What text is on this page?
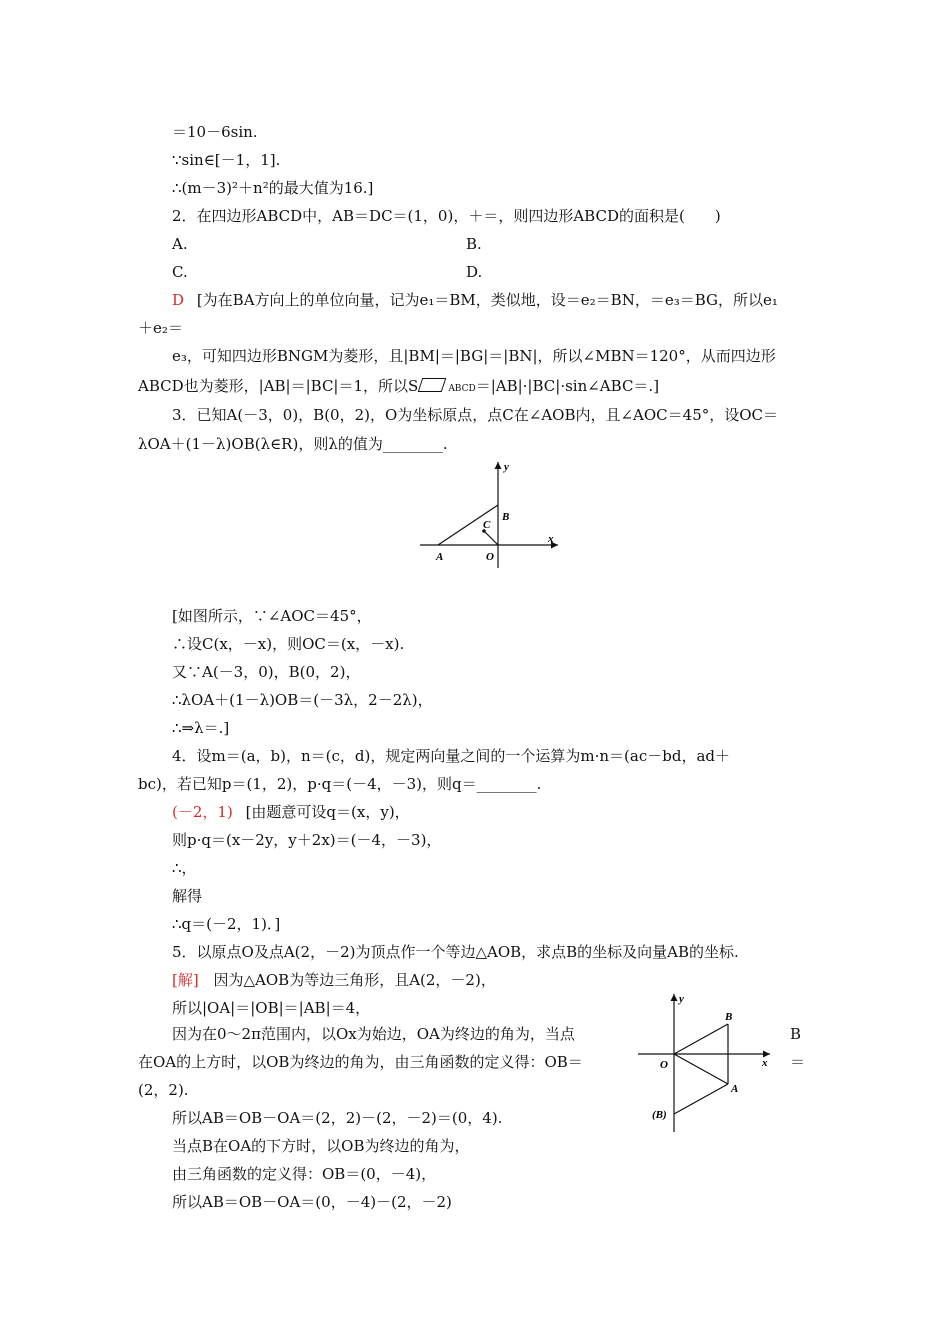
＝10－6sin.
∵sin∈[－1，1].
∴(m－3)²＋n²的最大值为16.]
2．在四边形ABCD中，AB＝DC＝(1，0)，＋＝，则四边形ABCD的面积是(　　)
A.	B.
C.	D.
D [为在BA方向上的单位向量，记为e₁＝BM，类似地，设＝e₂＝BN，＝e₃＝BG，所以e₁
＋e₂＝
e₃，可知四边形BNGM为菱形，且|BM|＝|BG|＝|BN|，所以∠MBN＝120°，从而四边形
ABCD也为菱形，|AB|＝|BC|＝1，所以S	ABCD＝|AB|·|BC|·sin∠ABC＝.]
3．已知A(－3，0)，B(0，2)，O为坐标原点，点C在∠AOB内，且∠AOC＝45°，设OC＝
λOA＋(1－λ)OB(λ∈R)，则λ的值为________.
y
B
C
O
A
x
[如图所示，∵∠AOC＝45°，
∴设C(x，－x)，则OC＝(x，－x).
又∵A(－3，0)，B(0，2)，
∴λOA＋(1－λ)OB＝(－3λ，2－2λ)，
∴⇒λ＝.]
4．设m＝(a，b)，n＝(c，d)，规定两向量之间的一个运算为m·n＝(ac－bd，ad＋
bc)，若已知p＝(1，2)，p·q＝(－4，－3)，则q＝________.
(－2，1) [由题意可设q＝(x，y)，
则p·q＝(x－2y，y＋2x)＝(－4，－3)，
∴，
解得
∴q＝(－2，1)．]
5．以原点O及点A(2，－2)为顶点作一个等边△AOB，求点B的坐标及向量AB的坐标.
[解] 因为△AOB为等边三角形，且A(2，－2)，
所以|OA|＝|OB|＝|AB|＝4，
因为在0～2π范围内，以Ox为始边，OA为终边的角为，当点	B
在OA的上方时，以OB为终边的角为，由三角函数的定义得：OB＝	＝
(2，2).
所以AB＝OB－OA＝(2，2)－(2，－2)＝(0，4).
当点B在OA的下方时，以OB为终边的角为，
由三角函数的定义得：OB＝(0，－4)，
所以AB＝OB－OA＝(0，－4)－(2，－2)
y
B
O	x
A
(B)
